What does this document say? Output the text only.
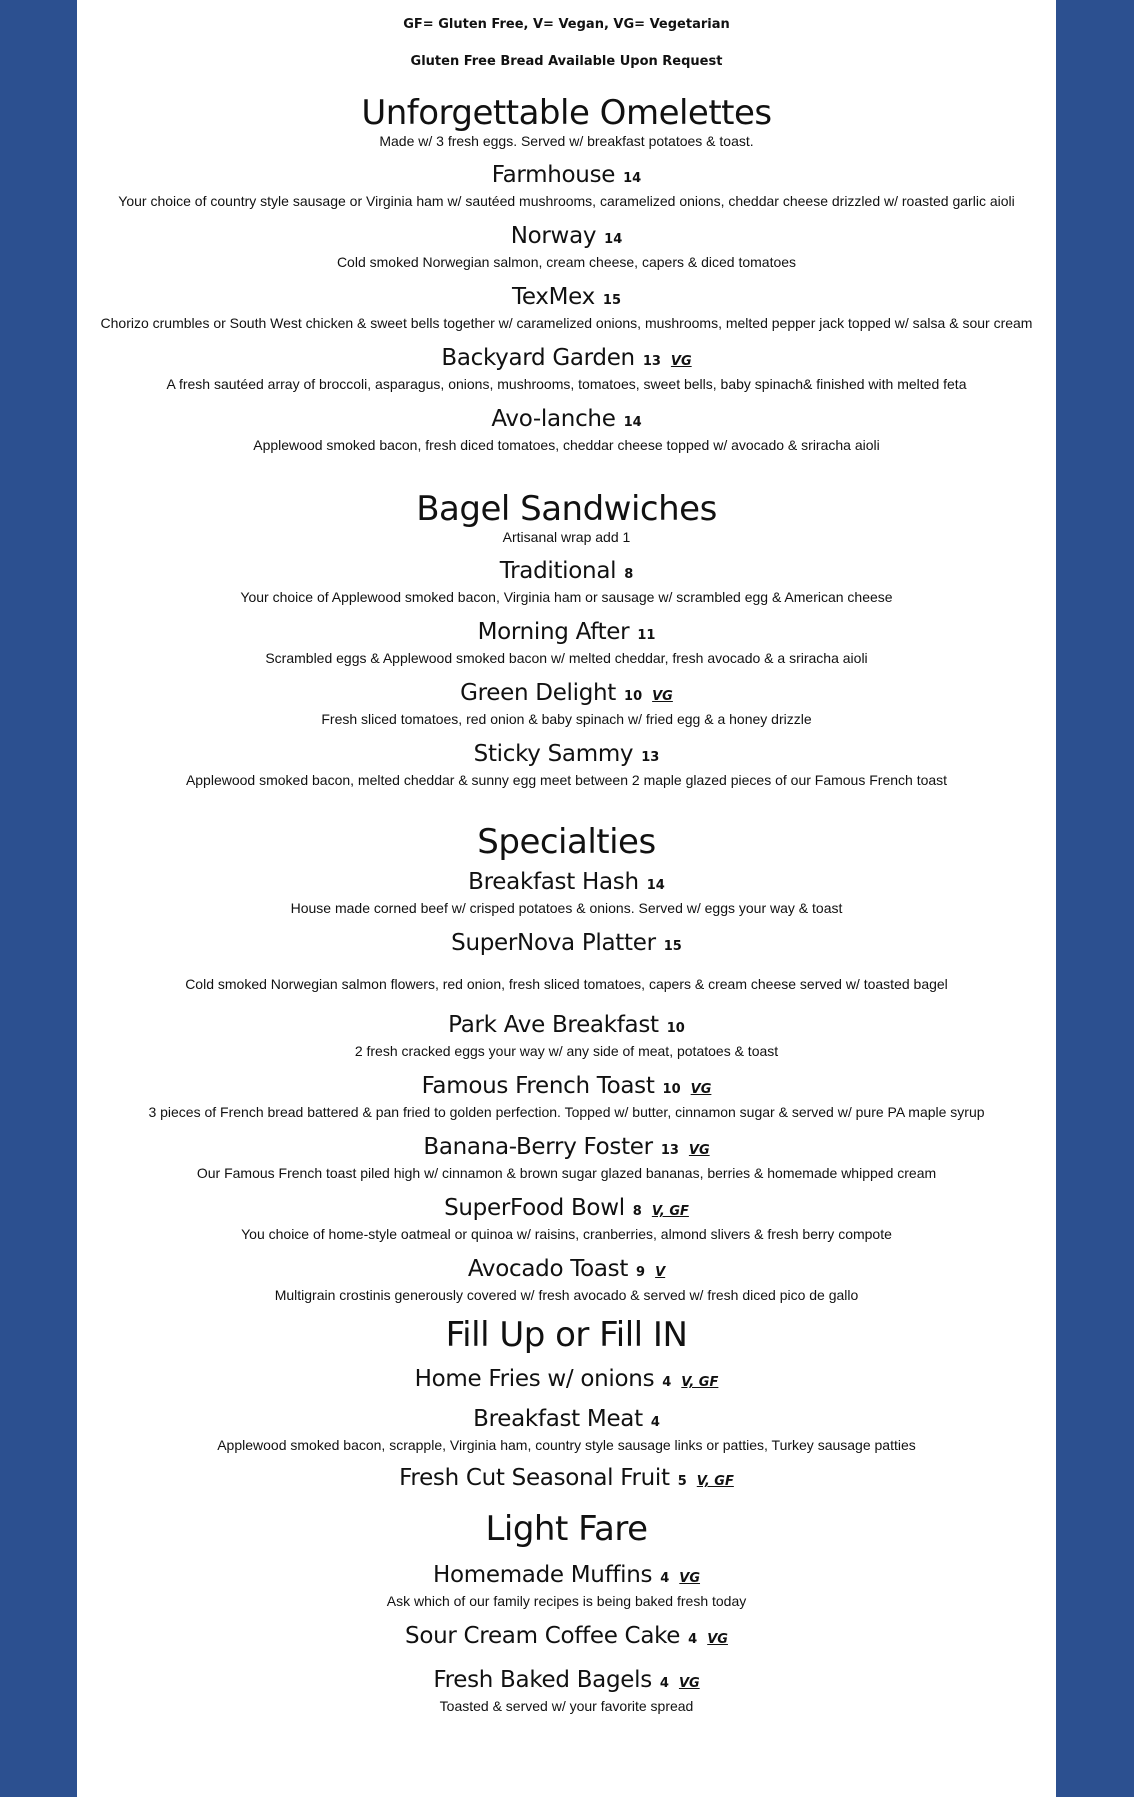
GF= Gluten Free, V= Vegan, VG= Vegetarian

Gluten Free Bread Available Upon Request

Unforgettable Omelettes

Made w/ 3 fresh eggs. Served w/ breakfast potatoes & toast.

Farmhouse 14

Your choice of country style sausage or Virginia ham w/ sautéed mushrooms, caramelized onions, cheddar cheese drizzled w/ roasted garlic aioli

Norway 14

Cold smoked Norwegian salmon, cream cheese, capers & diced tomatoes

TexMex 15

Chorizo crumbles or South West chicken & sweet bells together w/ caramelized onions, mushrooms, melted pepper jack topped w/ salsa & sour cream

Backyard Garden 13 VG

A fresh sautéed array of broccoli, asparagus, onions, mushrooms, tomatoes, sweet bells, baby spinach& finished with melted feta

Avo-lanche 14

Applewood smoked bacon, fresh diced tomatoes, cheddar cheese topped w/ avocado & sriracha aioli

Bagel Sandwiches

Artisanal wrap add 1

Traditional 8

Your choice of Applewood smoked bacon, Virginia ham or sausage w/ scrambled egg & American cheese

Morning After 11

Scrambled eggs & Applewood smoked bacon w/ melted cheddar, fresh avocado & a sriracha aioli

Green Delight 10 VG

Fresh sliced tomatoes, red onion & baby spinach w/ fried egg & a honey drizzle

Sticky Sammy 13

Applewood smoked bacon, melted cheddar & sunny egg meet between 2 maple glazed pieces of our Famous French toast

Specialties

Breakfast Hash 14

House made corned beef w/ crisped potatoes & onions. Served w/ eggs your way & toast

SuperNova Platter 15

Cold smoked Norwegian salmon flowers, red onion, fresh sliced tomatoes, capers & cream cheese served w/ toasted bagel

Park Ave Breakfast 10

2 fresh cracked eggs your way w/ any side of meat, potatoes & toast

Famous French Toast 10 VG

3 pieces of French bread battered & pan fried to golden perfection. Topped w/ butter, cinnamon sugar & served w/ pure PA maple syrup

Banana-Berry Foster 13 VG

Our Famous French toast piled high w/ cinnamon & brown sugar glazed bananas, berries & homemade whipped cream

SuperFood Bowl 8 V, GF

You choice of home-style oatmeal or quinoa w/ raisins, cranberries, almond slivers & fresh berry compote

Avocado Toast 9 V

Multigrain crostinis generously covered w/ fresh avocado & served w/ fresh diced pico de gallo

Fill Up or Fill IN

Home Fries w/ onions 4 V, GF

Breakfast Meat 4

Applewood smoked bacon, scrapple, Virginia ham, country style sausage links or patties, Turkey sausage patties

Fresh Cut Seasonal Fruit 5 V, GF

Light Fare

Homemade Muffins 4 VG

Ask which of our family recipes is being baked fresh today

Sour Cream Coffee Cake 4 VG

Fresh Baked Bagels 4 VG

Toasted & served w/ your favorite spread
